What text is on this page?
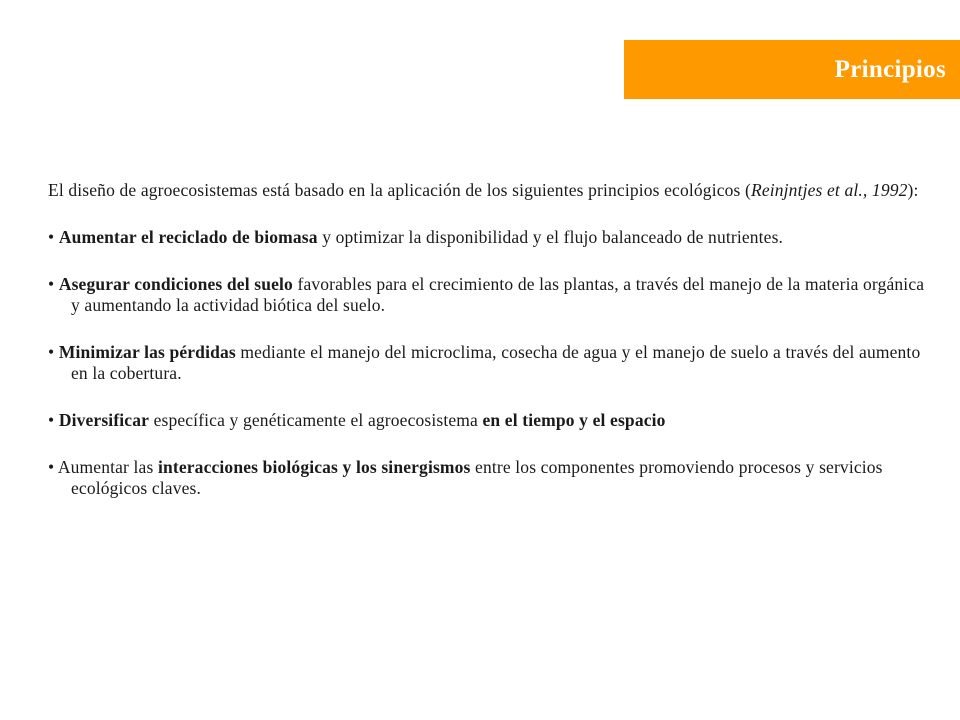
Principios

El diseño de agroecosistemas está basado en la aplicación de los siguientes principios ecológicos (Reinjntjes et al., 1992):

• Aumentar el reciclado de biomasa y optimizar la disponibilidad y el flujo balanceado de nutrientes.

• Asegurar condiciones del suelo favorables para el crecimiento de las plantas, a través del manejo de la materia orgánica y aumentando la actividad biótica del suelo.

• Minimizar las pérdidas mediante el manejo del microclima, cosecha de agua y el manejo de suelo a través del aumento en la cobertura.

• Diversificar específica y genéticamente el agroecosistema en el tiempo y el espacio

• Aumentar las interacciones biológicas y los sinergismos entre los componentes promoviendo procesos y servicios ecológicos claves.
